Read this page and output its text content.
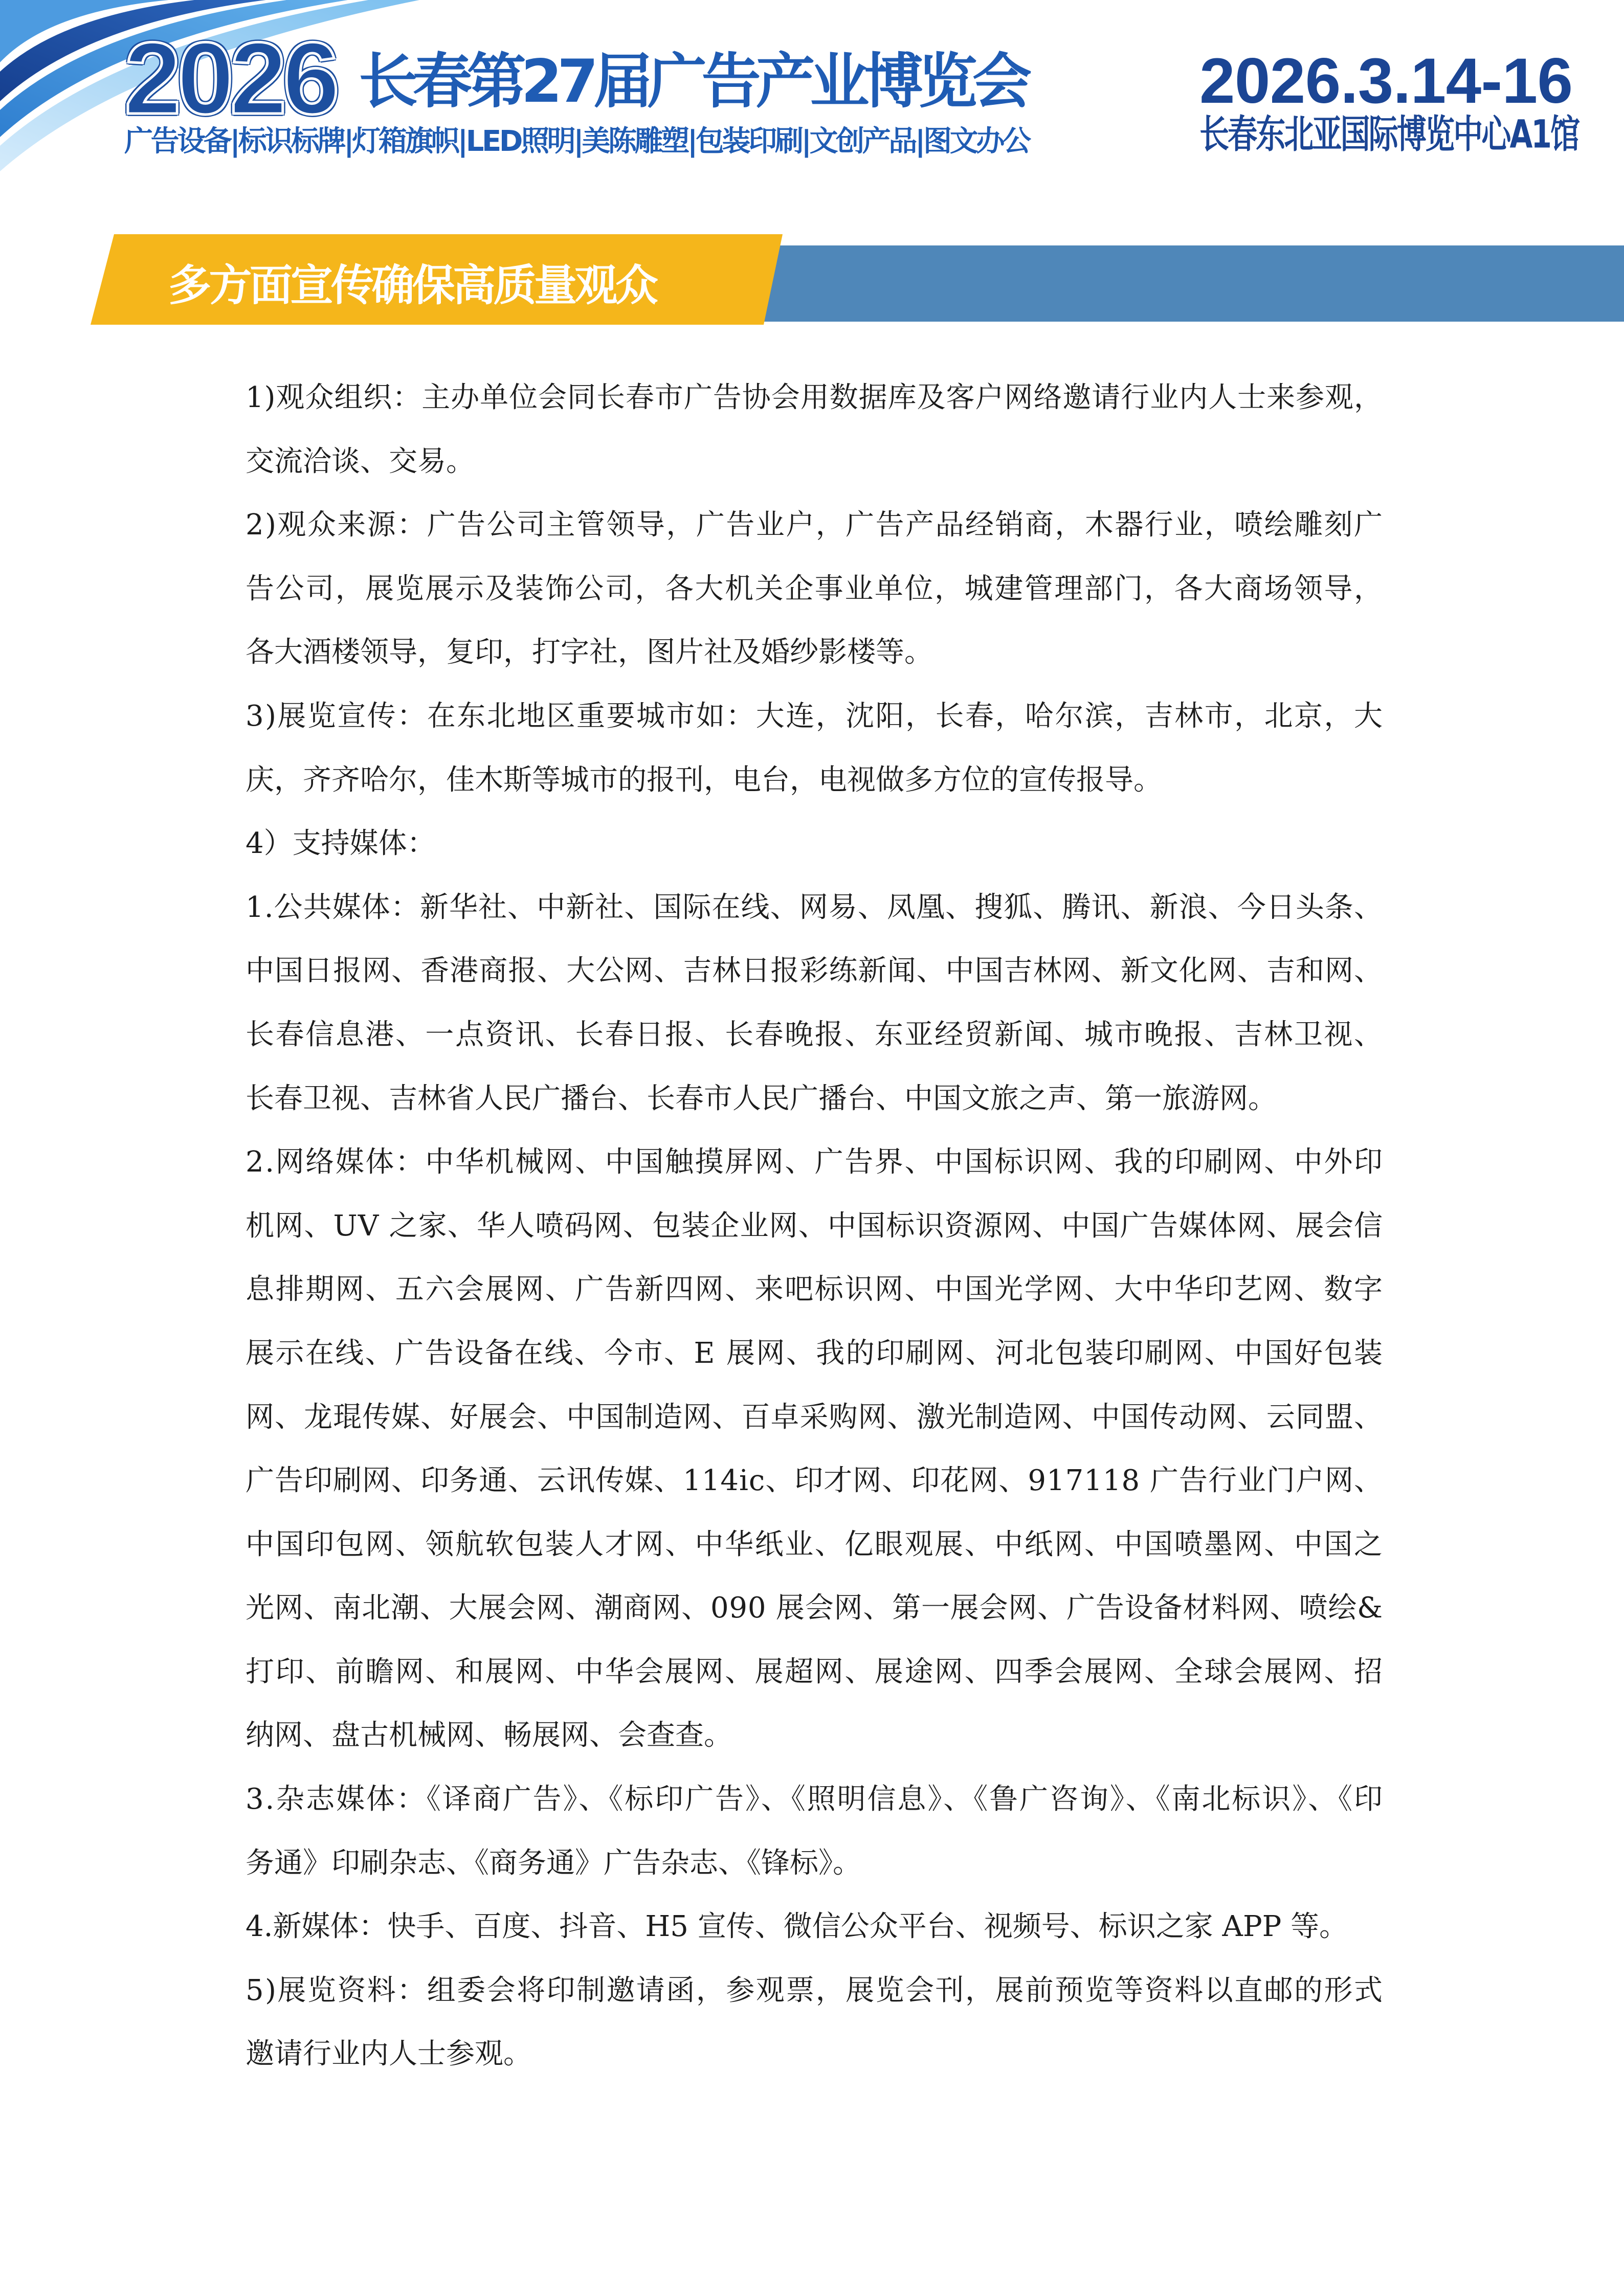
2026 长春第27届广告产业博览会
广告设备|标识标牌|灯箱旗帜|LED照明|美陈雕塑|包装印刷|文创产品|图文办公
2026.3.14-16
长春东北亚国际博览中心A1馆
多方面宣传确保高质量观众
1)观众组织：主办单位会同长春市广告协会用数据库及客户网络邀请行业内人士来参观，
交流洽谈、交易。
2)观众来源：广告公司主管领导，广告业户，广告产品经销商，木器行业，喷绘雕刻广
告公司，展览展示及装饰公司，各大机关企事业单位，城建管理部门，各大商场领导，
各大酒楼领导，复印，打字社，图片社及婚纱影楼等。
3)展览宣传：在东北地区重要城市如：大连，沈阳，长春，哈尔滨，吉林市，北京，大
庆，齐齐哈尔，佳木斯等城市的报刊，电台，电视做多方位的宣传报导。
4）支持媒体：
1.公共媒体：新华社、中新社、国际在线、网易、凤凰、搜狐、腾讯、新浪、今日头条、
中国日报网、香港商报、大公网、吉林日报彩练新闻、中国吉林网、新文化网、吉和网、
长春信息港、一点资讯、长春日报、长春晚报、东亚经贸新闻、城市晚报、吉林卫视、
长春卫视、吉林省人民广播台、长春市人民广播台、中国文旅之声、第一旅游网。
2.网络媒体：中华机械网、中国触摸屏网、广告界、中国标识网、我的印刷网、中外印
机网、UV 之家、华人喷码网、包装企业网、中国标识资源网、中国广告媒体网、展会信
息排期网、五六会展网、广告新四网、来吧标识网、中国光学网、大中华印艺网、数字
展示在线、广告设备在线、今市、E 展网、我的印刷网、河北包装印刷网、中国好包装
网、龙琨传媒、好展会、中国制造网、百卓采购网、激光制造网、中国传动网、云同盟、
广告印刷网、印务通、云讯传媒、114ic、印才网、印花网、917118 广告行业门户网、
中国印包网、领航软包装人才网、中华纸业、亿眼观展、中纸网、中国喷墨网、中国之
光网、南北潮、大展会网、潮商网、090 展会网、第一展会网、广告设备材料网、喷绘&
打印、前瞻网、和展网、中华会展网、展超网、展途网、四季会展网、全球会展网、招
纳网、盘古机械网、畅展网、会查查。
3.杂志媒体：《译商广告》、《标印广告》、《照明信息》、《鲁广咨询》、《南北标识》、《印
务通》印刷杂志、《商务通》广告杂志、《锋标》。
4.新媒体：快手、百度、抖音、H5 宣传、微信公众平台、视频号、标识之家 APP 等。
5)展览资料：组委会将印制邀请函，参观票，展览会刊，展前预览等资料以直邮的形式
邀请行业内人士参观。
